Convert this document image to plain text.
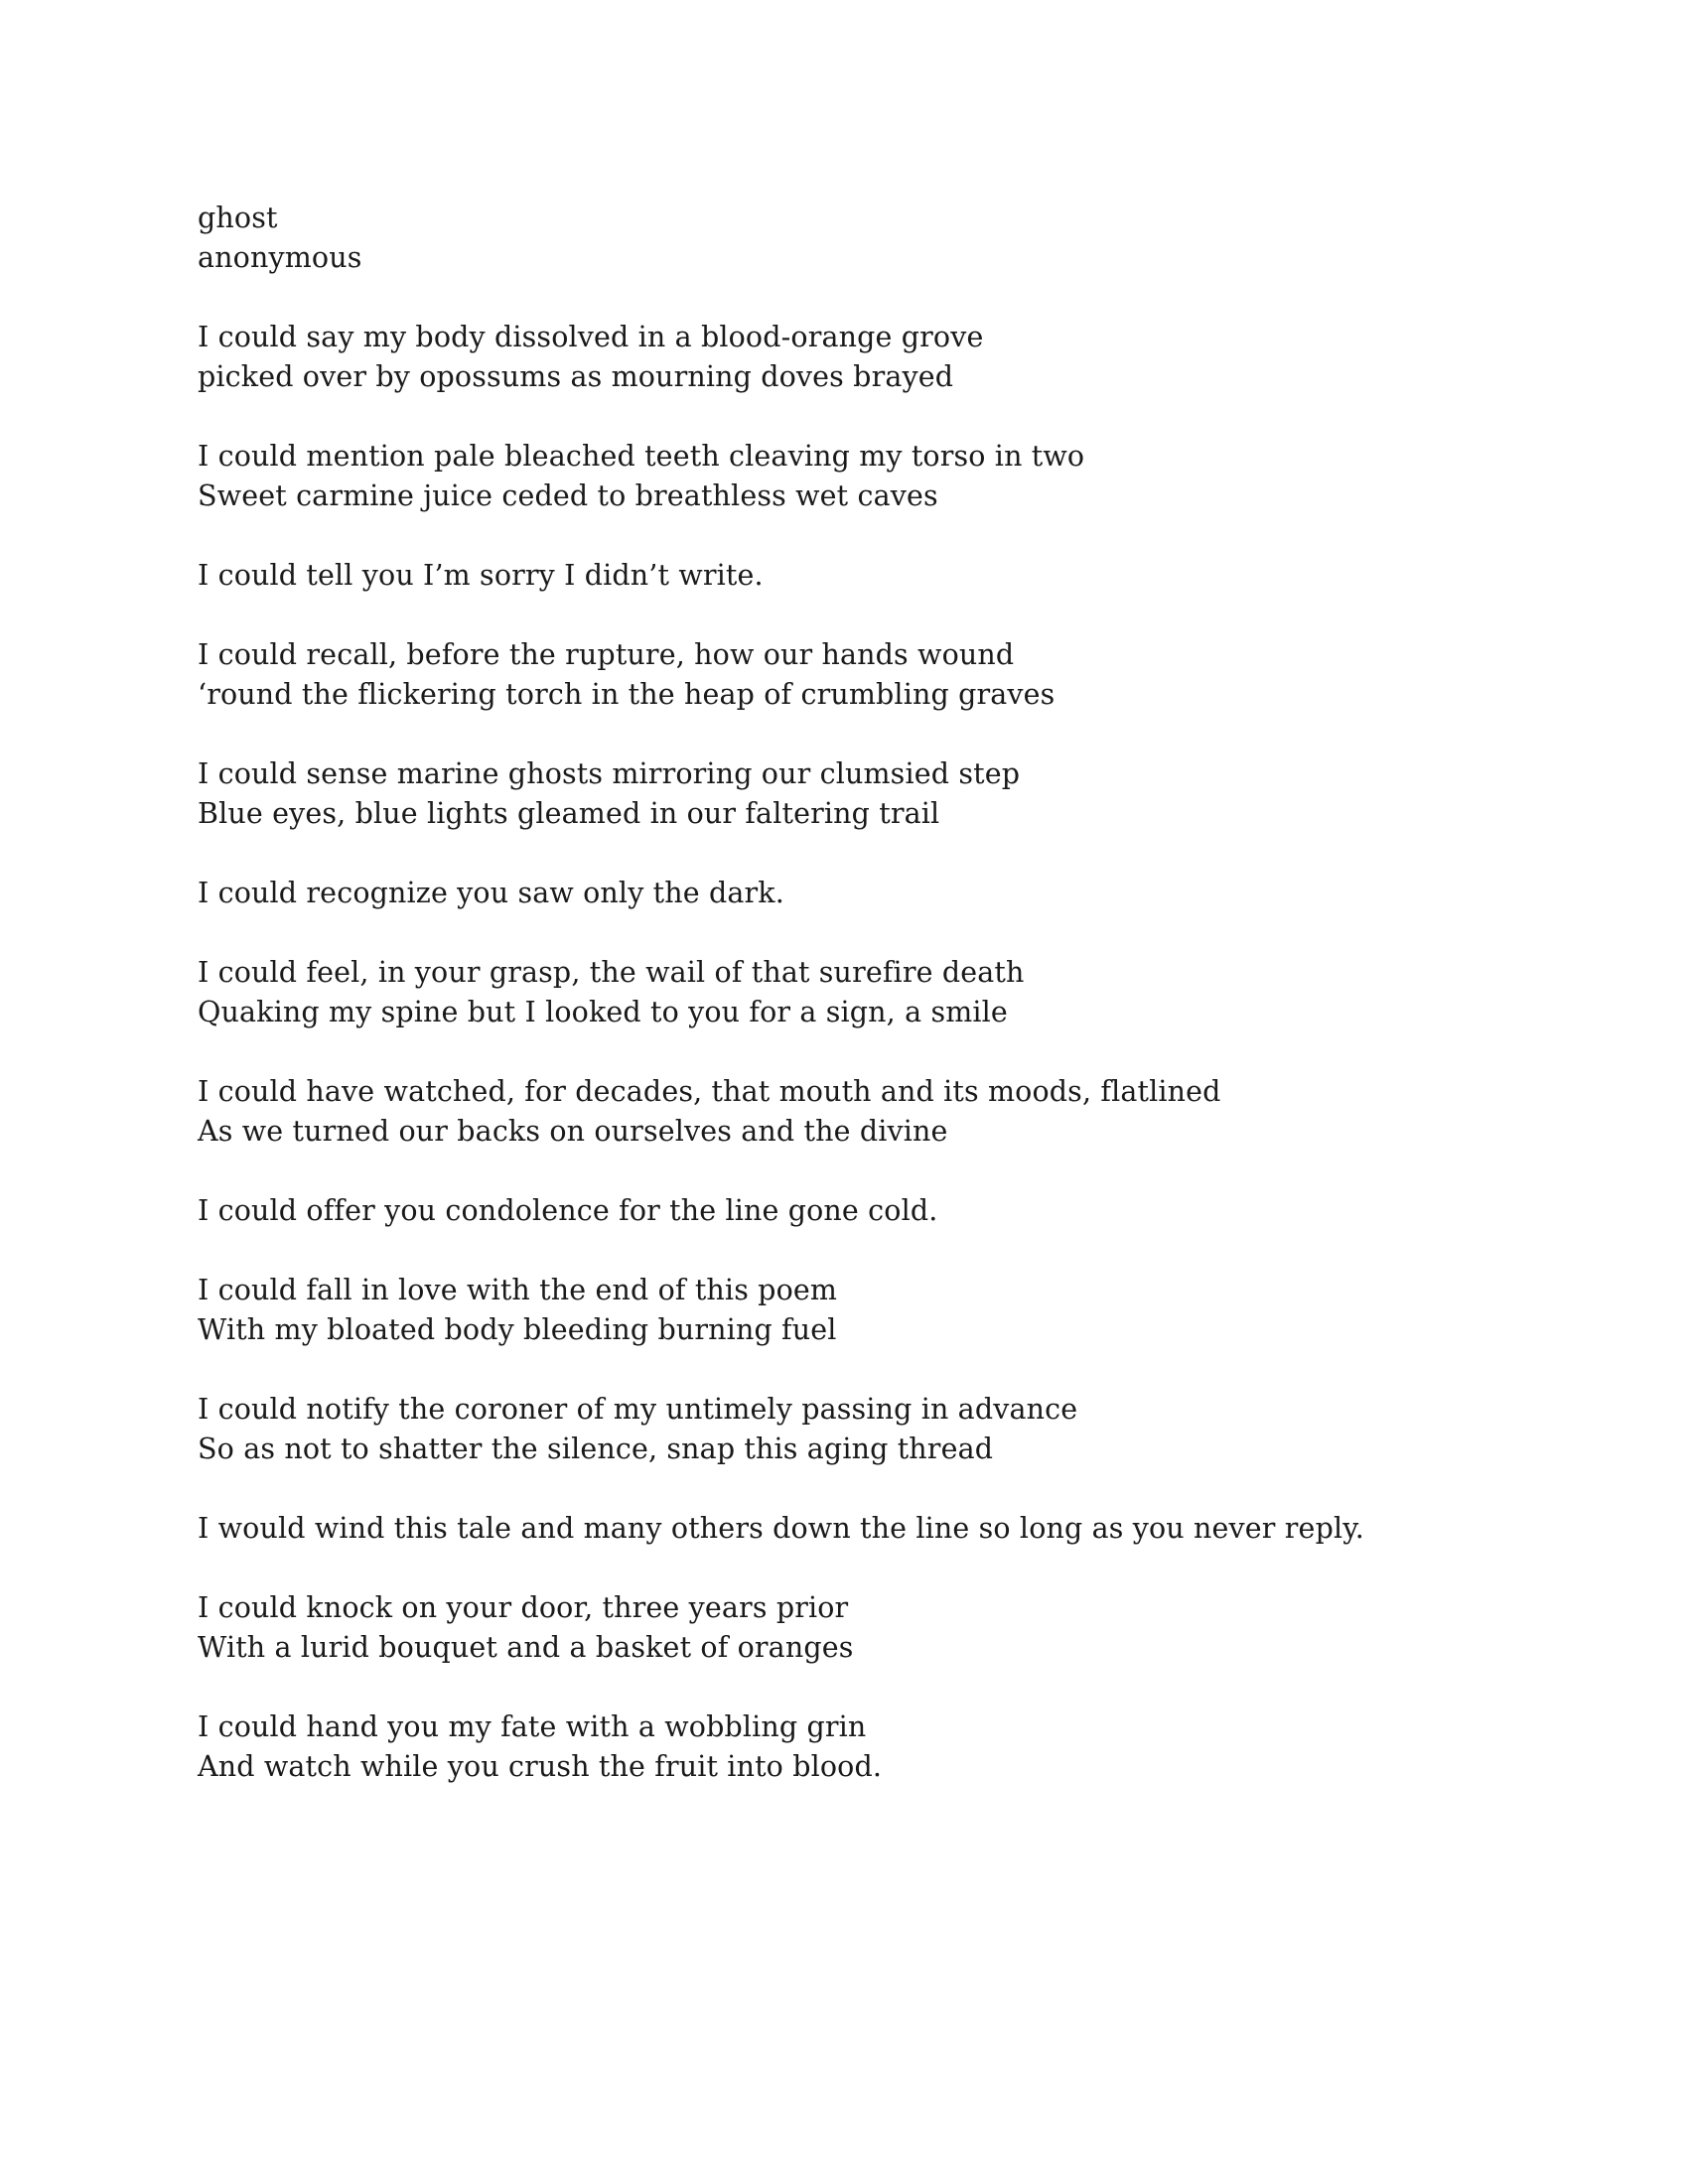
ghost
anonymous
I could say my body dissolved in a blood-orange grove
picked over by opossums as mourning doves brayed
I could mention pale bleached teeth cleaving my torso in two
Sweet carmine juice ceded to breathless wet caves
I could tell you I’m sorry I didn’t write.
I could recall, before the rupture, how our hands wound
‘round the flickering torch in the heap of crumbling graves
I could sense marine ghosts mirroring our clumsied step
Blue eyes, blue lights gleamed in our faltering trail
I could recognize you saw only the dark.
I could feel, in your grasp, the wail of that surefire death
Quaking my spine but I looked to you for a sign, a smile
I could have watched, for decades, that mouth and its moods, flatlined
As we turned our backs on ourselves and the divine
I could offer you condolence for the line gone cold.
I could fall in love with the end of this poem
With my bloated body bleeding burning fuel
I could notify the coroner of my untimely passing in advance
So as not to shatter the silence, snap this aging thread
I would wind this tale and many others down the line so long as you never reply.
I could knock on your door, three years prior
With a lurid bouquet and a basket of oranges
I could hand you my fate with a wobbling grin
And watch while you crush the fruit into blood.
